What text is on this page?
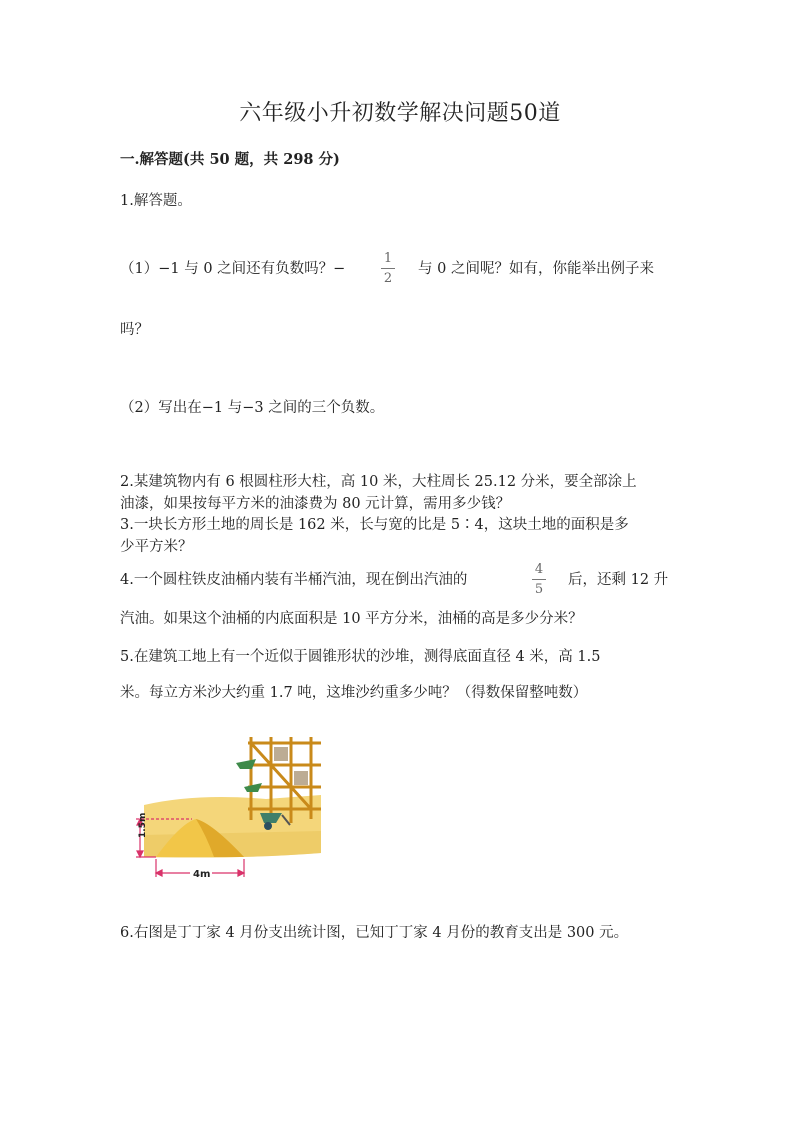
六年级小升初数学解决问题50道
一.解答题(共 50 题，共 298 分)
1.解答题。
（1）−1 与 0 之间还有负数吗？−
1
2
与 0 之间呢？如有，你能举出例子来
吗？
（2）写出在−1 与−3 之间的三个负数。
2.某建筑物内有 6 根圆柱形大柱，高 10 米，大柱周长 25.12 分米，要全部涂上
油漆，如果按每平方米的油漆费为 80 元计算，需用多少钱？
3.一块长方形土地的周长是 162 米，长与宽的比是 5∶4，这块土地的面积是多
少平方米？
4.一个圆柱铁皮油桶内装有半桶汽油，现在倒出汽油的
4
5
后，还剩 12 升
汽油。如果这个油桶的内底面积是 10 平方分米，油桶的高是多少分米？
5.在建筑工地上有一个近似于圆锥形状的沙堆，测得底面直径 4 米，高 1.5
米。每立方米沙大约重 1.7 吨，这堆沙约重多少吨？（得数保留整吨数）
1.5m
4m
6.右图是丁丁家 4 月份支出统计图，已知丁丁家 4 月份的教育支出是 300 元。
